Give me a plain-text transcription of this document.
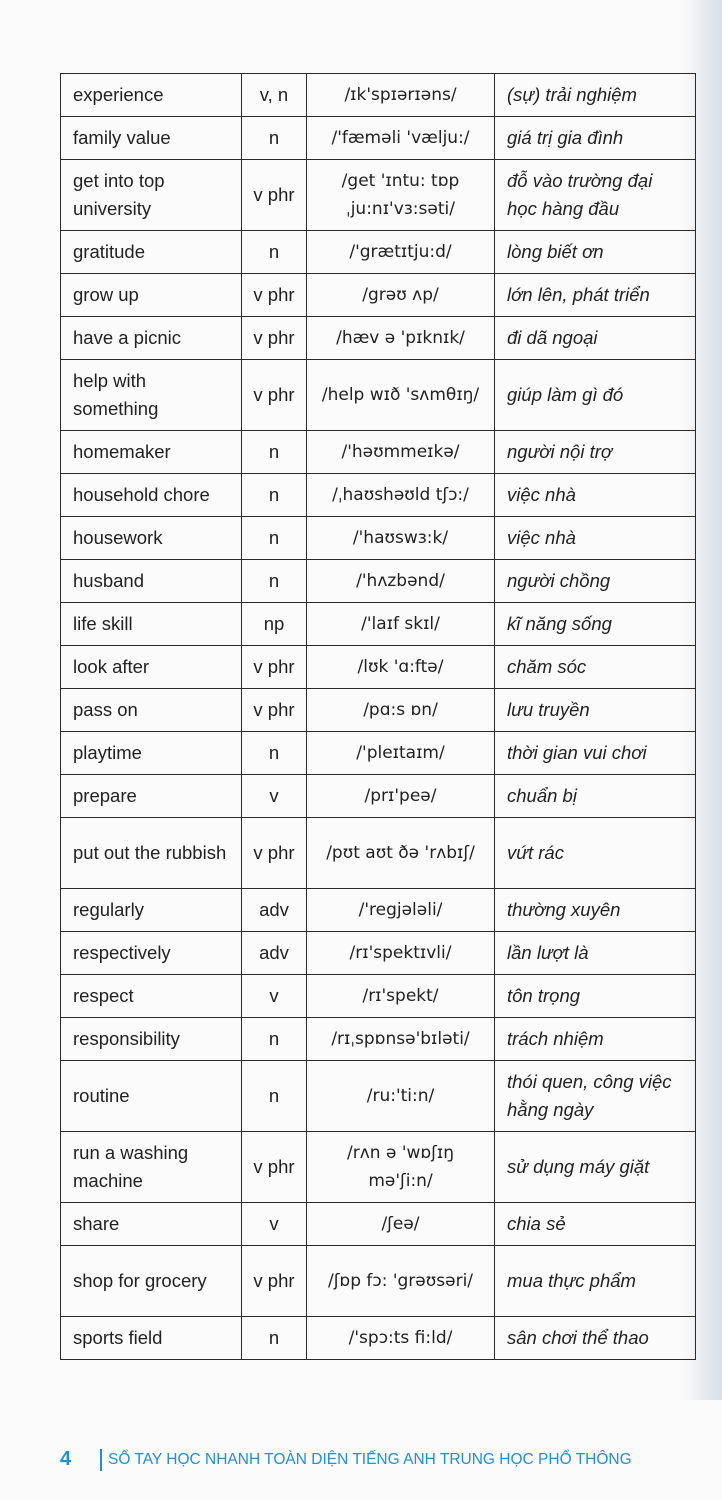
experience	v, n	/ɪk'spɪərɪəns/	(sự) trải nghiệm
family value	n	/'fæməli 'vælju:/	giá trị gia đình
get into top university	v phr	/get 'ɪntu: tɒp ˌju:nɪ'vɜ:səti/	đỗ vào trường đại học hàng đầu
gratitude	n	/'grætɪtju:d/	lòng biết ơn
grow up	v phr	/grəʊ ʌp/	lớn lên, phát triển
have a picnic	v phr	/hæv ə 'pɪknɪk/	đi dã ngoại
help with something	v phr	/help wɪð 'sʌmθɪŋ/	giúp làm gì đó
homemaker	n	/'həʊmmeɪkə/	người nội trợ
household chore	n	/ˌhaʊshəʊld tʃɔ:/	việc nhà
housework	n	/'haʊswɜ:k/	việc nhà
husband	n	/'hʌzbənd/	người chồng
life skill	np	/'laɪf skɪl/	kĩ năng sống
look after	v phr	/lʊk 'ɑ:ftə/	chăm sóc
pass on	v phr	/pɑ:s ɒn/	lưu truyền
playtime	n	/'pleɪtaɪm/	thời gian vui chơi
prepare	v	/prɪ'peə/	chuẩn bị
put out the rubbish	v phr	/pʊt aʊt ðə 'rʌbɪʃ/	vứt rác
regularly	adv	/'regjələli/	thường xuyên
respectively	adv	/rɪ'spektɪvli/	lần lượt là
respect	v	/rɪ'spekt/	tôn trọng
responsibility	n	/rɪˌspɒnsə'bɪləti/	trách nhiệm
routine	n	/ru:'ti:n/	thói quen, công việc hằng ngày
run a washing machine	v phr	/rʌn ə 'wɒʃɪŋ mə'ʃi:n/	sử dụng máy giặt
share	v	/ʃeə/	chia sẻ
shop for grocery	v phr	/ʃɒp fɔ: 'grəʊsəri/	mua thực phẩm
sports field	n	/'spɔ:ts fi:ld/	sân chơi thể thao
4	SỔ TAY HỌC NHANH TOÀN DIỆN TIẾNG ANH TRUNG HỌC PHỔ THÔNG
